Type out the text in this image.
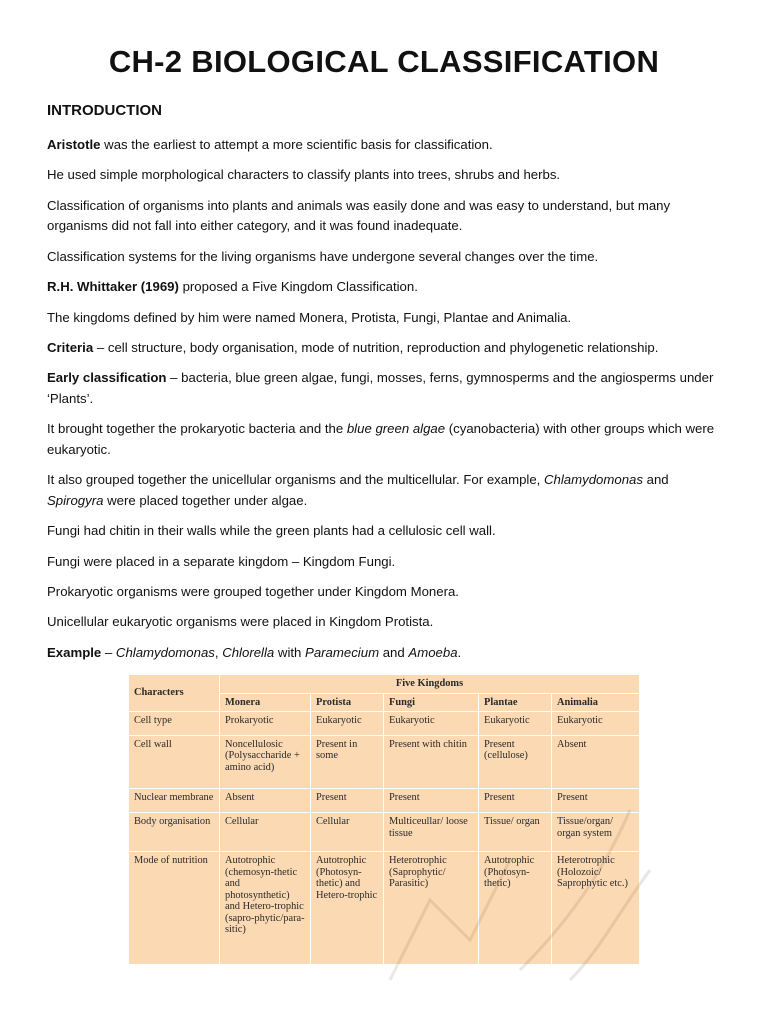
CH-2 BIOLOGICAL CLASSIFICATION
INTRODUCTION

Aristotle was the earliest to attempt a more scientific basis for classification.

He used simple morphological characters to classify plants into trees, shrubs and herbs.

Classification of organisms into plants and animals was easily done and was easy to understand, but many organisms did not fall into either category, and it was found inadequate.

Classification systems for the living organisms have undergone several changes over the time.

R.H. Whittaker (1969) proposed a Five Kingdom Classification.

The kingdoms defined by him were named Monera, Protista, Fungi, Plantae and Animalia.

Criteria – cell structure, body organisation, mode of nutrition, reproduction and phylogenetic relationship.

Early classification – bacteria, blue green algae, fungi, mosses, ferns, gymnosperms and the angiosperms under ‘Plants’.

It brought together the prokaryotic bacteria and the blue green algae (cyanobacteria) with other groups which were eukaryotic.

It also grouped together the unicellular organisms and the multicellular. For example, Chlamydomonas and Spirogyra were placed together under algae.

Fungi had chitin in their walls while the green plants had a cellulosic cell wall.

Fungi were placed in a separate kingdom – Kingdom Fungi.

Prokaryotic organisms were grouped together under Kingdom Monera.

Unicellular eukaryotic organisms were placed in Kingdom Protista.

Example – Chlamydomonas, Chlorella with Paramecium and Amoeba.

Characters	Five Kingdoms				
	Monera	Protista	Fungi	Plantae	Animalia
Cell type	Prokaryotic	Eukaryotic	Eukaryotic	Eukaryotic	Eukaryotic
Cell wall	Noncellulosic (Polysaccharide + amino acid)	Present in some	Present with chitin	Present (cellulose)	Absent
Nuclear membrane	Absent	Present	Present	Present	Present
Body organisation	Cellular	Cellular	Multiceullar/ loose tissue	Tissue/ organ	Tissue/organ/ organ system
Mode of nutrition	Autotrophic (chemosyn-thetic and photosynthetic) and Hetero-trophic (sapro-phytic/para-sitic)	Autotrophic (Photosyn-thetic) and Hetero-trophic	Heterotrophic (Saprophytic/ Parasitic)	Autotrophic (Photosyn-thetic)	Heterotrophic (Holozoic/ Saprophytic etc.)
